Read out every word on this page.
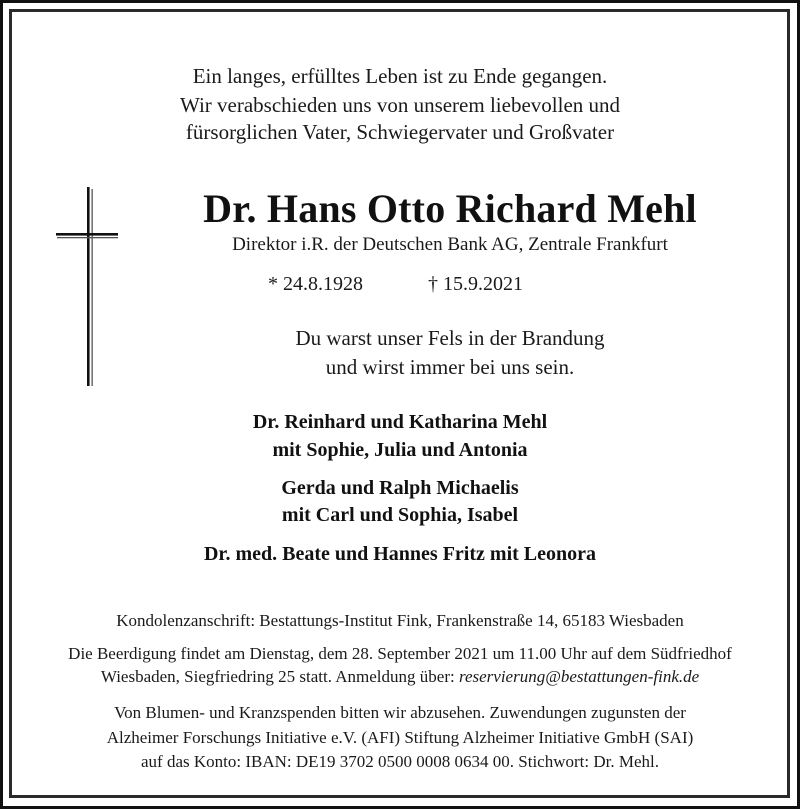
Ein langes, erfülltes Leben ist zu Ende gegangen.
Wir verabschieden uns von unserem liebevollen und
fürsorglichen Vater, Schwiegervater und Großvater
Dr. Hans Otto Richard Mehl
Direktor i.R. der Deutschen Bank AG, Zentrale Frankfurt
* 24.8.1928	† 15.9.2021
Du warst unser Fels in der Brandung
und wirst immer bei uns sein.
Dr. Reinhard und Katharina Mehl
mit Sophie, Julia und Antonia
Gerda und Ralph Michaelis
mit Carl und Sophia, Isabel
Dr. med. Beate und Hannes Fritz mit Leonora
Kondolenzanschrift: Bestattungs-Institut Fink, Frankenstraße 14, 65183 Wiesbaden
Die Beerdigung findet am Dienstag, dem 28. September 2021 um 11.00 Uhr auf dem Südfriedhof
Wiesbaden, Siegfriedring 25 statt. Anmeldung über: reservierung@bestattungen-fink.de
Von Blumen- und Kranzspenden bitten wir abzusehen. Zuwendungen zugunsten der
Alzheimer Forschungs Initiative e.V. (AFI) Stiftung Alzheimer Initiative GmbH (SAI)
auf das Konto: IBAN: DE19 3702 0500 0008 0634 00. Stichwort: Dr. Mehl.
